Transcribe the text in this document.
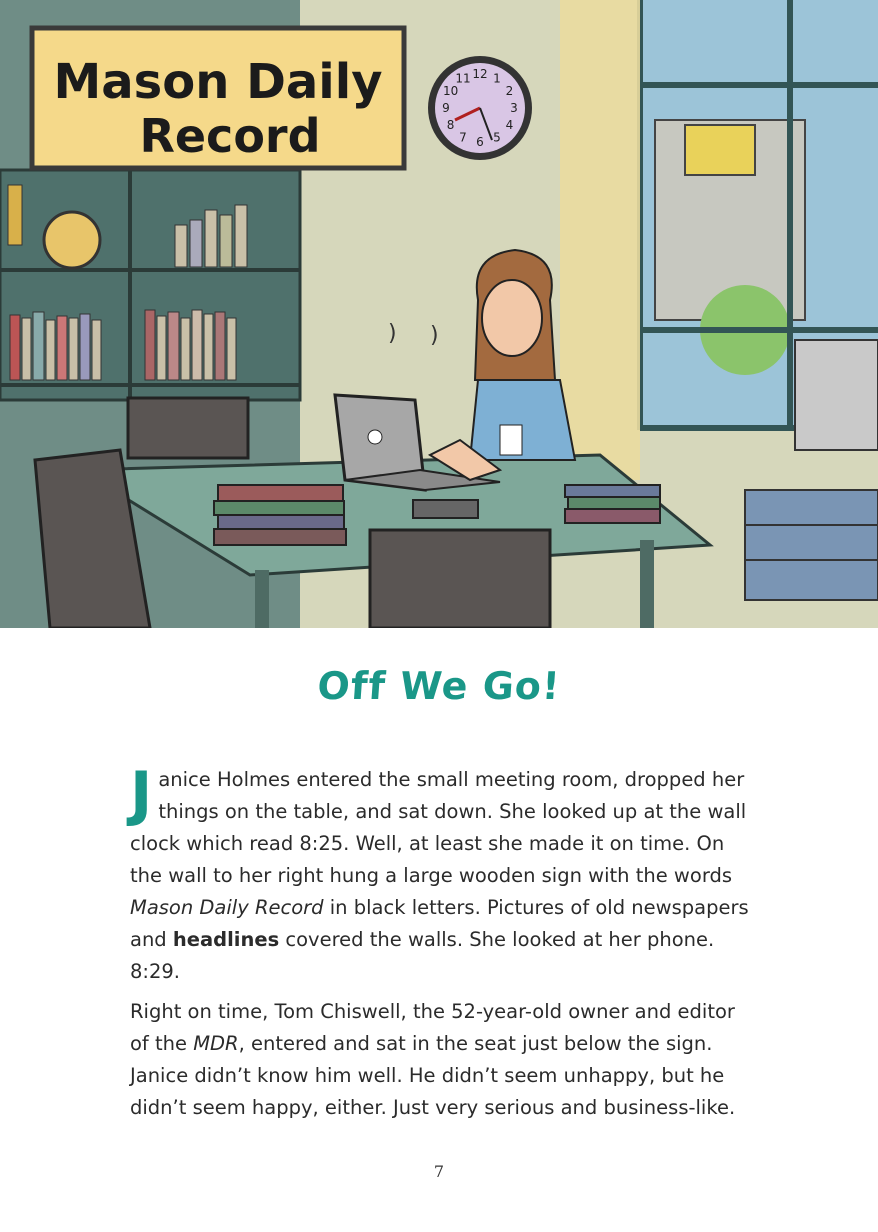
Mason Daily
Record
12 1
2
3
4
5
6
7
8
9
10
11
) )
Off We Go!

Janice Holmes entered the small meeting room, dropped her things on the table, and sat down. She looked up at the wall clock which read 8:25. Well, at least she made it on time. On the wall to her right hung a large wooden sign with the words Mason Daily Record in black letters. Pictures of old newspapers and headlines covered the walls. She looked at her phone. 8:29.

Right on time, Tom Chiswell, the 52-year-old owner and editor of the MDR, entered and sat in the seat just below the sign. Janice didn’t know him well. He didn’t seem unhappy, but he didn’t seem happy, either. Just very serious and business-like.

7
